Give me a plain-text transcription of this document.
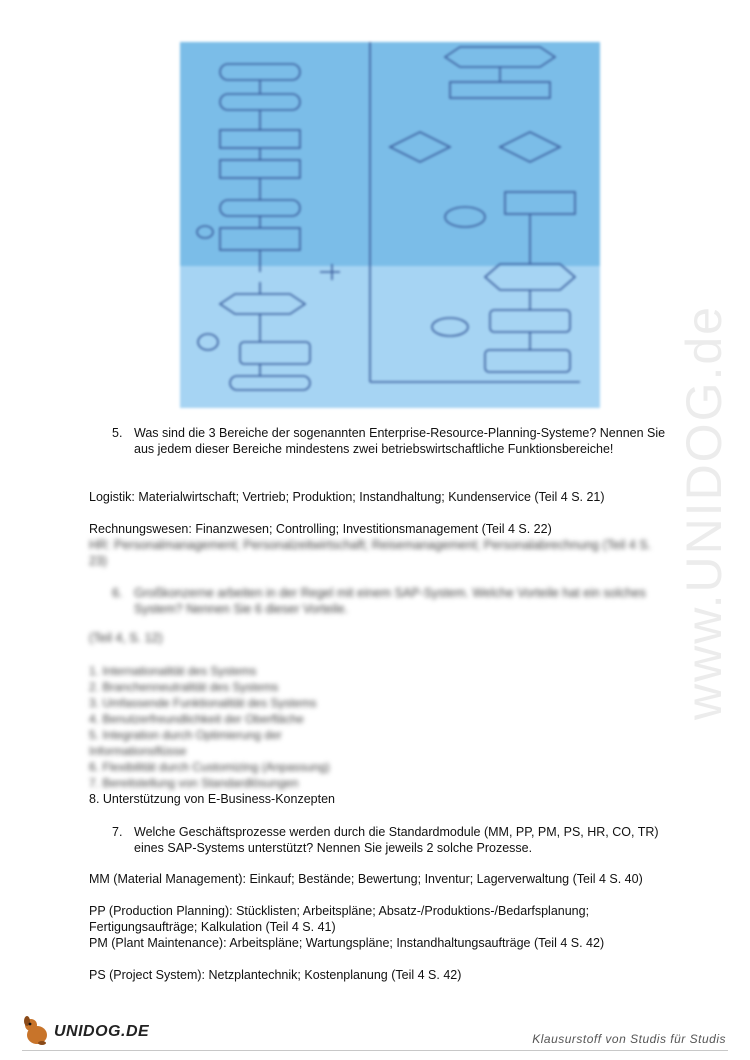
www.UNIDOG.de
5. Was sind die 3 Bereiche der sogenannten Enterprise-Resource-Planning-Systeme? Nennen Sie aus jedem dieser Bereiche mindestens zwei betriebswirtschaftliche Funktionsbereiche!
Logistik: Materialwirtschaft; Vertrieb; Produktion; Instandhaltung; Kundenservice (Teil 4 S. 21)
Rechnungswesen: Finanzwesen; Controlling; Investitionsmanagement (Teil 4 S. 22)
HR: Personalmanagement; Personalzeitwirtschaft; Reisemanagement; Personalabrechnung (Teil 4 S. 23)
6. Großkonzerne arbeiten in der Regel mit einem SAP-System. Welche Vorteile hat ein solches System? Nennen Sie 6 dieser Vorteile.
(Teil 4, S. 12)
1. Internationalität des Systems
2. Branchenneutralität des Systems
3. Umfassende Funktionalität des Systems
4. Benutzerfreundlichkeit der Oberfläche
5. Integration durch Optimierung der
Informationsflüsse
6. Flexibilität durch Customizing (Anpassung)
7. Bereitstellung von Standardlösungen
8. Unterstützung von E-Business-Konzepten
7. Welche Geschäftsprozesse werden durch die Standardmodule (MM, PP, PM, PS, HR, CO, TR) eines SAP-Systems unterstützt? Nennen Sie jeweils 2 solche Prozesse.
MM (Material Management): Einkauf; Bestände; Bewertung; Inventur; Lagerverwaltung (Teil 4 S. 40)
PP (Production Planning): Stücklisten; Arbeitspläne; Absatz-/Produktions-/Bedarfsplanung; Fertigungsaufträge; Kalkulation (Teil 4 S. 41)
PM (Plant Maintenance): Arbeitspläne; Wartungspläne; Instandhaltungsaufträge (Teil 4 S. 42)
PS (Project System): Netzplantechnik; Kostenplanung (Teil 4 S. 42)
UNIDOG.DE	Klausurstoff von Studis für Studis
